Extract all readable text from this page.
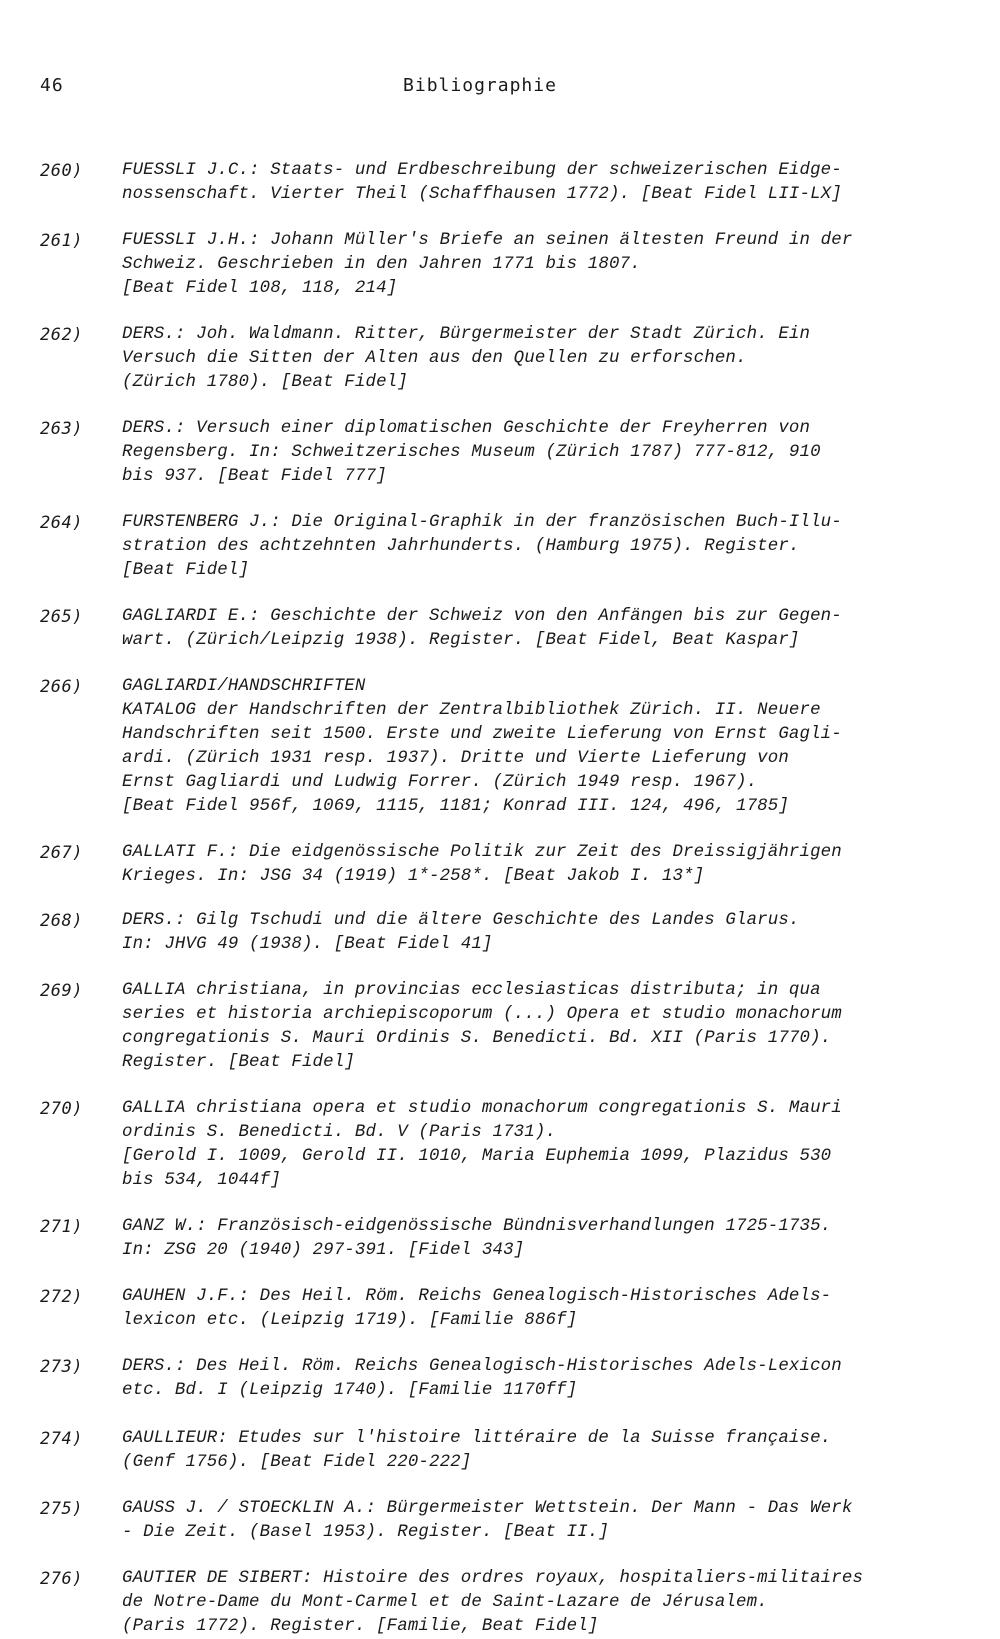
46	Bibliographie
260)	FUESSLI J.C.: Staats- und Erdbeschreibung der schweizerischen Eidge-
nossenschaft. Vierter Theil (Schaffhausen 1772). [Beat Fidel LII-LX]
261)	FUESSLI J.H.: Johann Müller's Briefe an seinen ältesten Freund in der
Schweiz. Geschrieben in den Jahren 1771 bis 1807.
[Beat Fidel 108, 118, 214]
262)	DERS.: Joh. Waldmann. Ritter, Bürgermeister der Stadt Zürich. Ein
Versuch die Sitten der Alten aus den Quellen zu erforschen.
(Zürich 1780). [Beat Fidel]
263)	DERS.: Versuch einer diplomatischen Geschichte der Freyherren von
Regensberg. In: Schweitzerisches Museum (Zürich 1787) 777-812, 910
bis 937. [Beat Fidel 777]
264)	FURSTENBERG J.: Die Original-Graphik in der französischen Buch-Illu-
stration des achtzehnten Jahrhunderts. (Hamburg 1975). Register.
[Beat Fidel]
265)	GAGLIARDI E.: Geschichte der Schweiz von den Anfängen bis zur Gegen-
wart. (Zürich/Leipzig 1938). Register. [Beat Fidel, Beat Kaspar]
266)	GAGLIARDI/HANDSCHRIFTEN
KATALOG der Handschriften der Zentralbibliothek Zürich. II. Neuere
Handschriften seit 1500. Erste und zweite Lieferung von Ernst Gagli-
ardi. (Zürich 1931 resp. 1937). Dritte und Vierte Lieferung von
Ernst Gagliardi und Ludwig Forrer. (Zürich 1949 resp. 1967).
[Beat Fidel 956f, 1069, 1115, 1181; Konrad III. 124, 496, 1785]
267)	GALLATI F.: Die eidgenössische Politik zur Zeit des Dreissigjährigen
Krieges. In: JSG 34 (1919) 1*-258*. [Beat Jakob I. 13*]
268)	DERS.: Gilg Tschudi und die ältere Geschichte des Landes Glarus.
In: JHVG 49 (1938). [Beat Fidel 41]
269)	GALLIA christiana, in provincias ecclesiasticas distributa; in qua
series et historia archiepiscoporum (...) Opera et studio monachorum
congregationis S. Mauri Ordinis S. Benedicti. Bd. XII (Paris 1770).
Register. [Beat Fidel]
270)	GALLIA christiana opera et studio monachorum congregationis S. Mauri
ordinis S. Benedicti. Bd. V (Paris 1731).
[Gerold I. 1009, Gerold II. 1010, Maria Euphemia 1099, Plazidus 530
bis 534, 1044f]
271)	GANZ W.: Französisch-eidgenössische Bündnisverhandlungen 1725-1735.
In: ZSG 20 (1940) 297-391. [Fidel 343]
272)	GAUHEN J.F.: Des Heil. Röm. Reichs Genealogisch-Historisches Adels-
lexicon etc. (Leipzig 1719). [Familie 886f]
273)	DERS.: Des Heil. Röm. Reichs Genealogisch-Historisches Adels-Lexicon
etc. Bd. I (Leipzig 1740). [Familie 1170ff]
274)	GAULLIEUR: Etudes sur l'histoire littéraire de la Suisse française.
(Genf 1756). [Beat Fidel 220-222]
275)	GAUSS J. / STOECKLIN A.: Bürgermeister Wettstein. Der Mann - Das Werk
- Die Zeit. (Basel 1953). Register. [Beat II.]
276)	GAUTIER DE SIBERT: Histoire des ordres royaux, hospitaliers-militaires
de Notre-Dame du Mont-Carmel et de Saint-Lazare de Jérusalem.
(Paris 1772). Register. [Familie, Beat Fidel]
